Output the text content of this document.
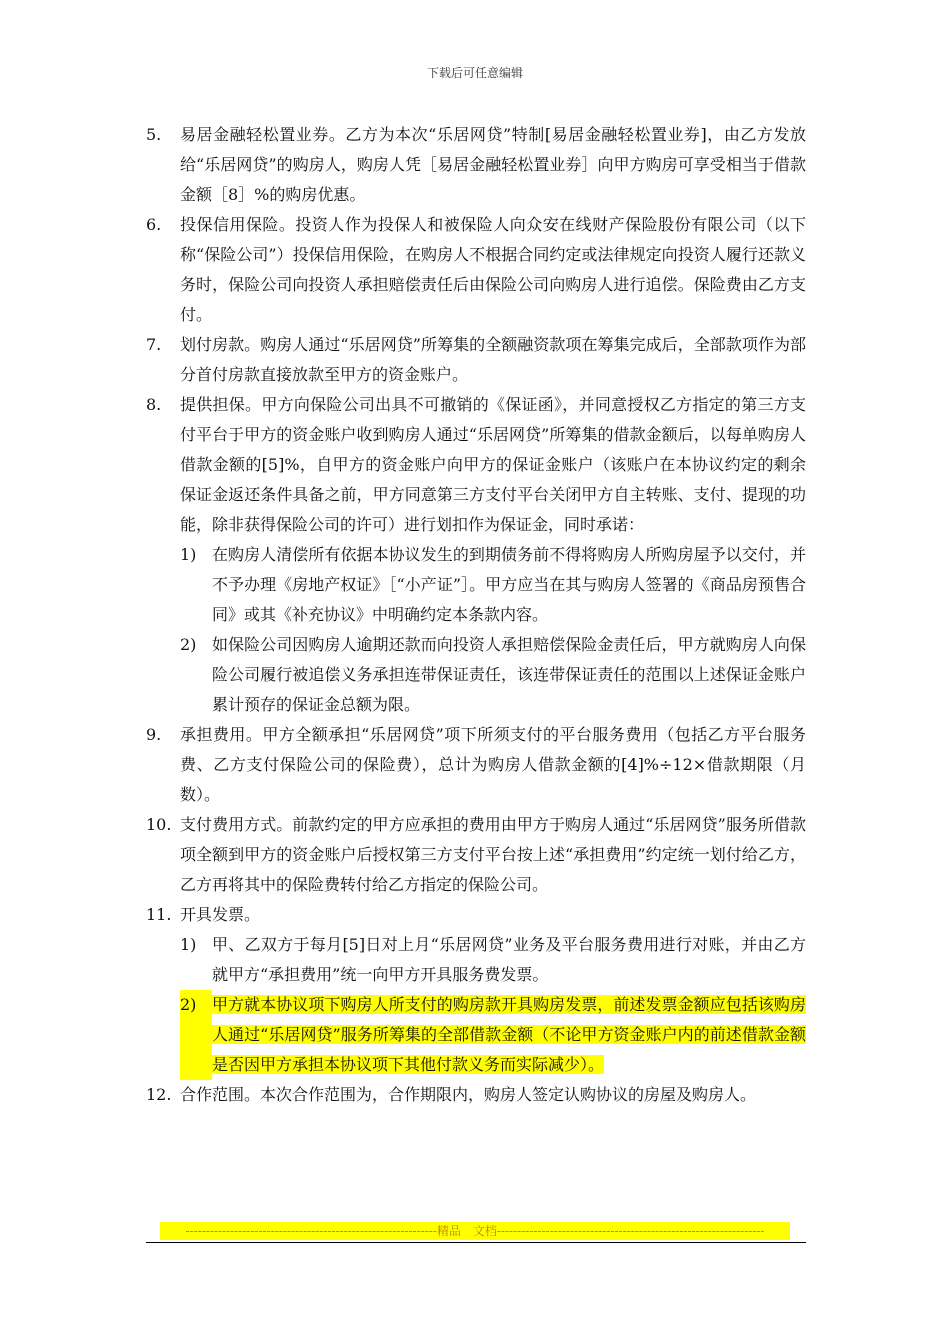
下载后可任意编辑
5.	易居金融轻松置业券。乙方为本次“乐居网贷”特制[易居金融轻松置业券]，由乙方发放给“乐居网贷”的购房人，购房人凭［易居金融轻松置业券］向甲方购房可享受相当于借款金额［8］%的购房优惠。
6.	投保信用保险。投资人作为投保人和被保险人向众安在线财产保险股份有限公司（以下称“保险公司”）投保信用保险，在购房人不根据合同约定或法律规定向投资人履行还款义务时，保险公司向投资人承担赔偿责任后由保险公司向购房人进行追偿。保险费由乙方支付。
7.	划付房款。购房人通过“乐居网贷”所筹集的全额融资款项在筹集完成后，全部款项作为部分首付房款直接放款至甲方的资金账户。
8.	提供担保。甲方向保险公司出具不可撤销的《保证函》，并同意授权乙方指定的第三方支付平台于甲方的资金账户收到购房人通过“乐居网贷”所筹集的借款金额后，以每单购房人借款金额的[5]%，自甲方的资金账户向甲方的保证金账户（该账户在本协议约定的剩余保证金返还条件具备之前，甲方同意第三方支付平台关闭甲方自主转账、支付、提现的功能，除非获得保险公司的许可）进行划扣作为保证金，同时承诺：
1) 在购房人清偿所有依据本协议发生的到期债务前不得将购房人所购房屋予以交付，并不予办理《房地产权证》［“小产证”］。甲方应当在其与购房人签署的《商品房预售合同》或其《补充协议》中明确约定本条款内容。
2) 如保险公司因购房人逾期还款而向投资人承担赔偿保险金责任后，甲方就购房人向保险公司履行被追偿义务承担连带保证责任，该连带保证责任的范围以上述保证金账户累计预存的保证金总额为限。
9.	承担费用。甲方全额承担“乐居网贷”项下所须支付的平台服务费用（包括乙方平台服务费、乙方支付保险公司的保险费），总计为购房人借款金额的[4]%÷12×借款期限（月数）。
10. 支付费用方式。前款约定的甲方应承担的费用由甲方于购房人通过“乐居网贷”服务所借款项全额到甲方的资金账户后授权第三方支付平台按上述“承担费用”约定统一划付给乙方，乙方再将其中的保险费转付给乙方指定的保险公司。
11. 开具发票。
1) 甲、乙双方于每月[5]日对上月“乐居网贷”业务及平台服务费用进行对账，并由乙方就甲方“承担费用”统一向甲方开具服务费发票。
2) 甲方就本协议项下购房人所支付的购房款开具购房发票，前述发票金额应包括该购房人通过“乐居网贷”服务所筹集的全部借款金额（不论甲方资金账户内的前述借款金额是否因甲方承担本协议项下其他付款义务而实际减少）。
12. 合作范围。本次合作范围为，合作期限内，购房人签定认购协议的房屋及购房人。
--------------------------------------------------------------精品　文档------------------------------------------------------------------
